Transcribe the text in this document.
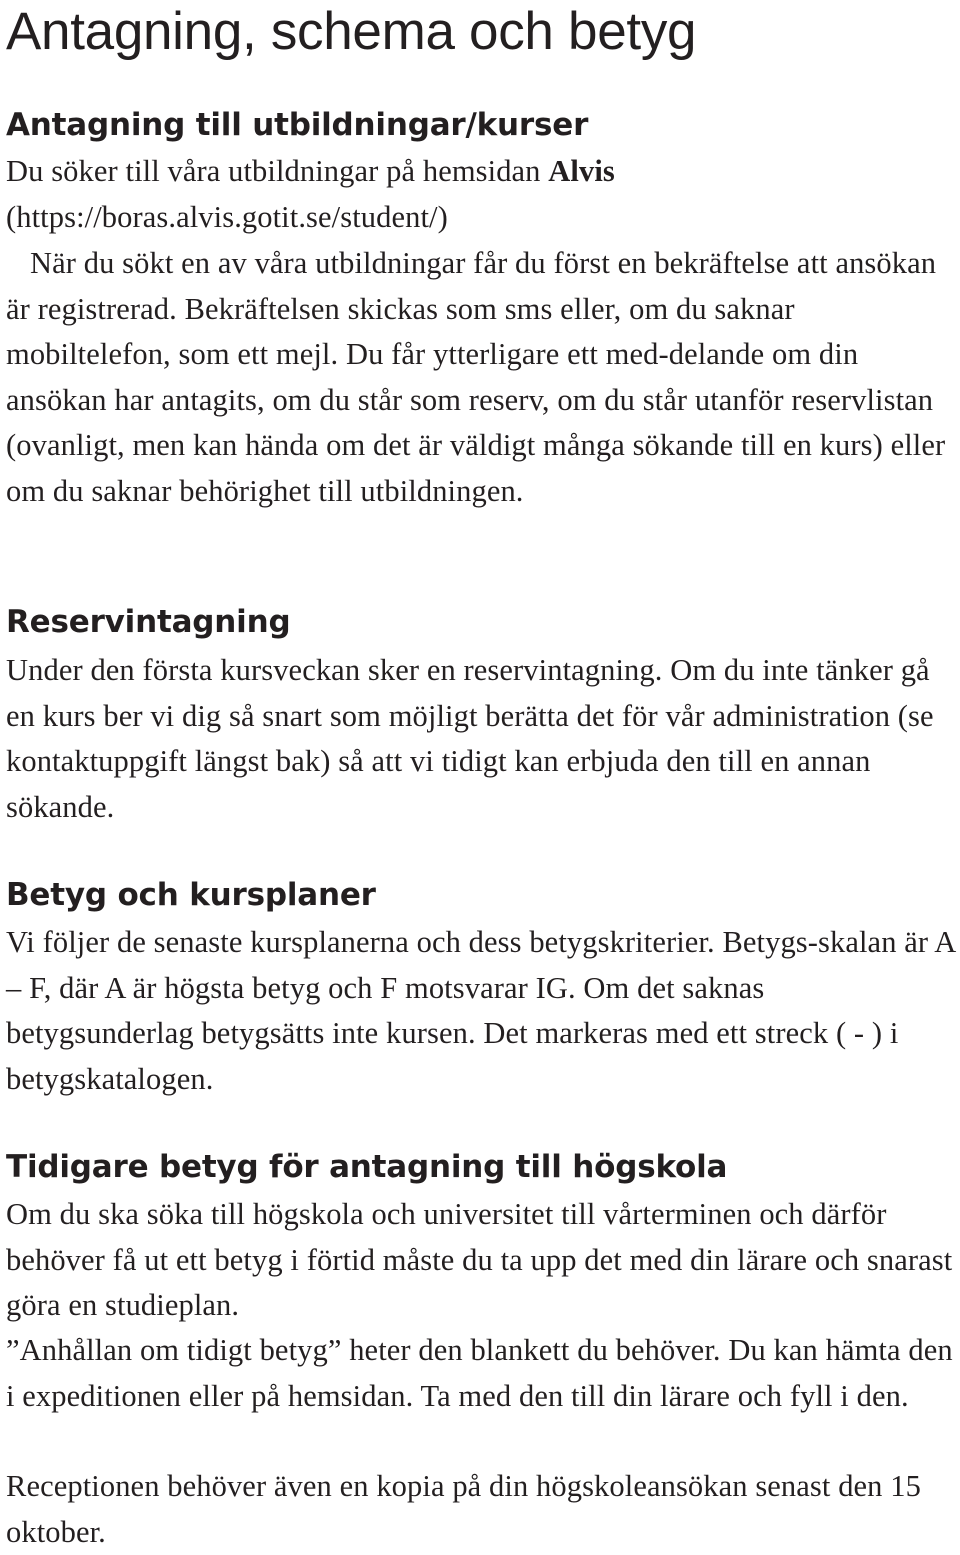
Antagning, schema och betyg
Antagning till utbildningar/kurser

Du söker till våra utbildningar på hemsidan Alvis (https://boras.alvis.gotit.se/student/)

När du sökt en av våra utbildningar får du först en bekräftelse att ansökan är registrerad. Bekräftelsen skickas som sms eller, om du saknar mobiltelefon, som ett mejl. Du får ytterligare ett med-delande om din ansökan har antagits, om du står som reserv, om du står utanför reservlistan (ovanligt, men kan hända om det är väldigt många sökande till en kurs) eller om du saknar behörighet till utbildningen.

Reservintagning

Under den första kursveckan sker en reservintagning. Om du inte tänker gå en kurs ber vi dig så snart som möjligt berätta det för vår administration (se kontaktuppgift längst bak) så att vi tidigt kan erbjuda den till en annan sökande.

Betyg och kursplaner

Vi följer de senaste kursplanerna och dess betygskriterier. Betygs-skalan är A – F, där A är högsta betyg och F motsvarar IG. Om det saknas betygsunderlag betygsätts inte kursen. Det markeras med ett streck ( - ) i betygskatalogen.

Tidigare betyg för antagning till högskola

Om du ska söka till högskola och universitet till vårterminen och därför behöver få ut ett betyg i förtid måste du ta upp det med din lärare och snarast göra en studieplan.

”Anhållan om tidigt betyg” heter den blankett du behöver. Du kan hämta den i expeditionen eller på hemsidan. Ta med den till din lärare och fyll i den.

Receptionen behöver även en kopia på din högskoleansökan senast den 15 oktober.
